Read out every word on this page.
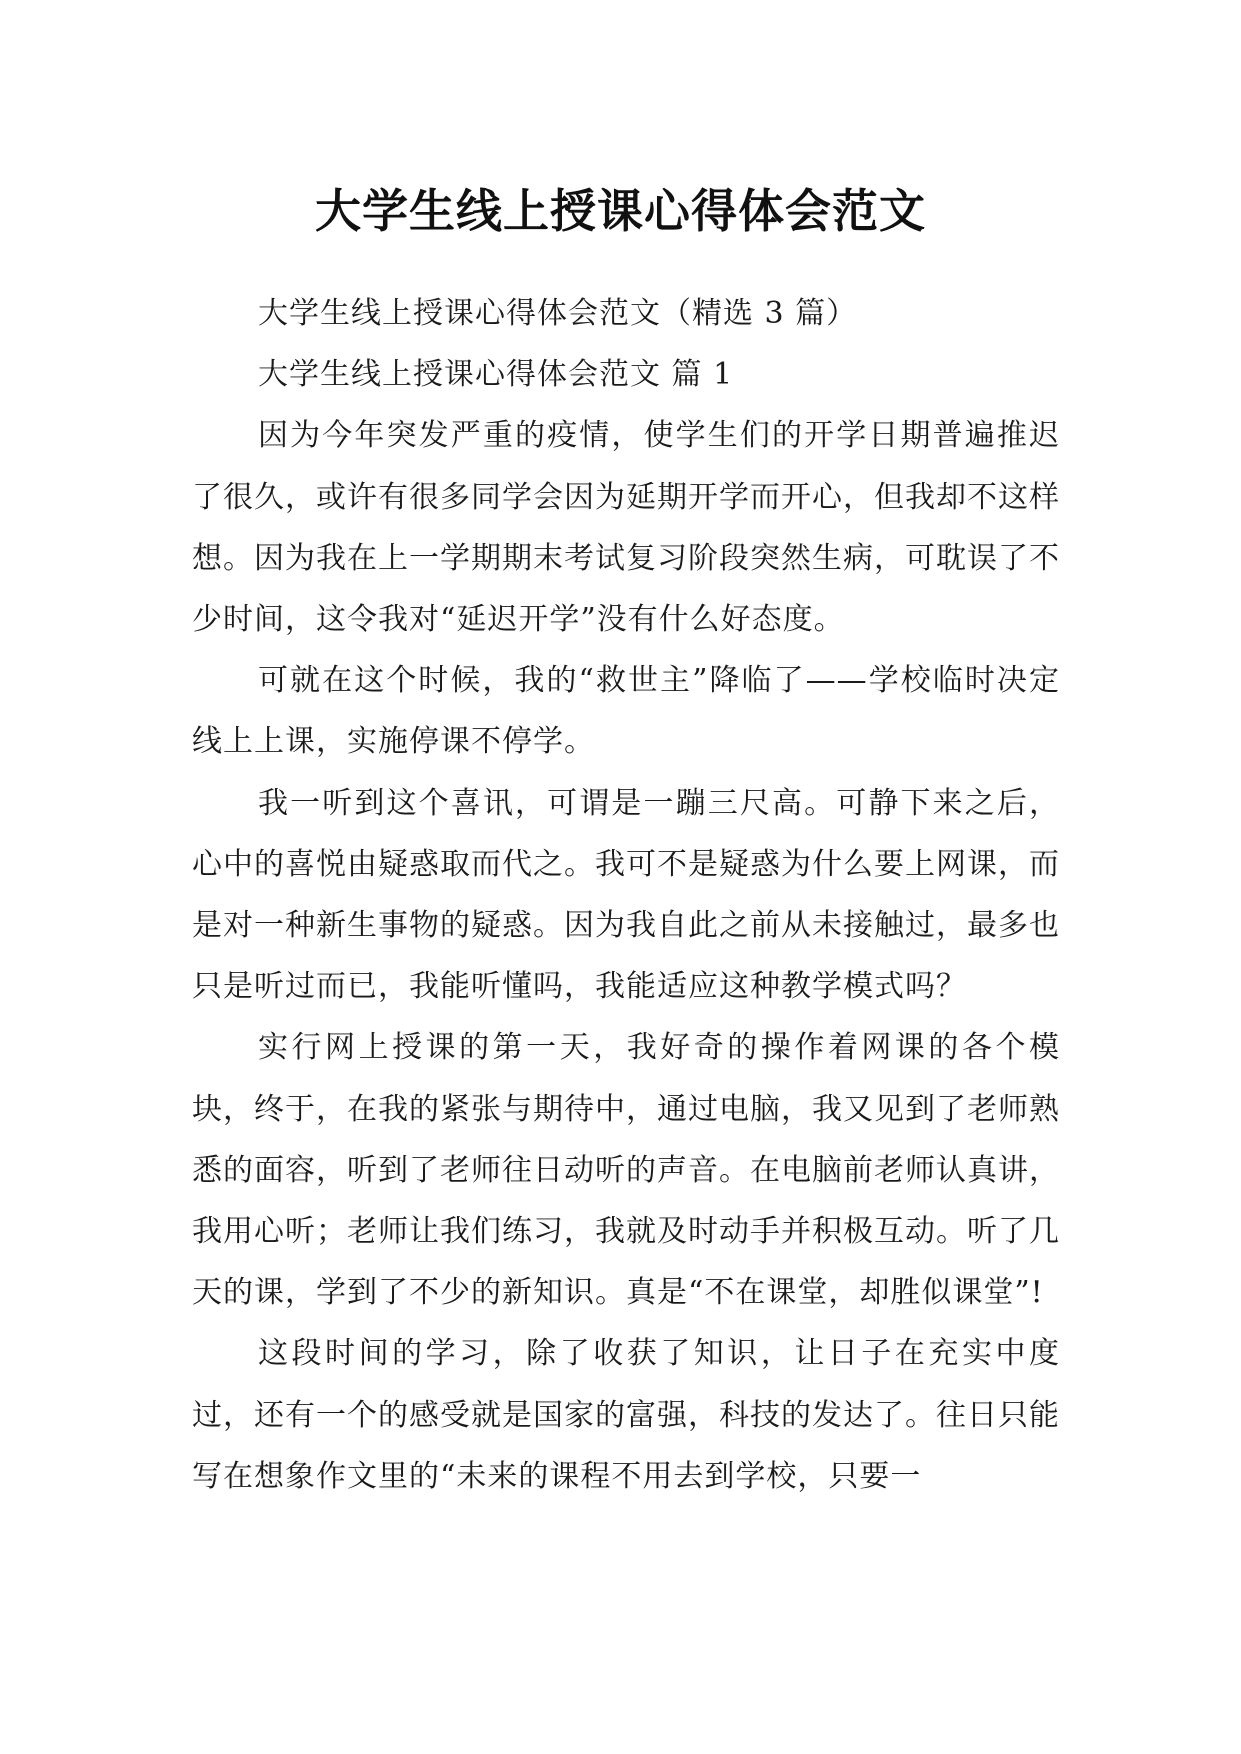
大学生线上授课心得体会范文

大学生线上授课心得体会范文（精选 3 篇）

大学生线上授课心得体会范文 篇 1

因为今年突发严重的疫情，使学生们的开学日期普遍推迟了很久，或许有很多同学会因为延期开学而开心，但我却不这样想。因为我在上一学期期末考试复习阶段突然生病，可耽误了不少时间，这令我对“延迟开学”没有什么好态度。

可就在这个时候，我的“救世主”降临了——学校临时决定线上上课，实施停课不停学。

我一听到这个喜讯，可谓是一蹦三尺高。可静下来之后，心中的喜悦由疑惑取而代之。我可不是疑惑为什么要上网课，而是对一种新生事物的疑惑。因为我自此之前从未接触过，最多也只是听过而已，我能听懂吗，我能适应这种教学模式吗？

实行网上授课的第一天，我好奇的操作着网课的各个模块，终于，在我的紧张与期待中，通过电脑，我又见到了老师熟悉的面容，听到了老师往日动听的声音。在电脑前老师认真讲，我用心听；老师让我们练习，我就及时动手并积极互动。听了几天的课，学到了不少的新知识。真是“不在课堂，却胜似课堂”!

这段时间的学习，除了收获了知识，让日子在充实中度过，还有一个的感受就是国家的富强，科技的发达了。往日只能写在想象作文里的“未来的课程不用去到学校，只要一
